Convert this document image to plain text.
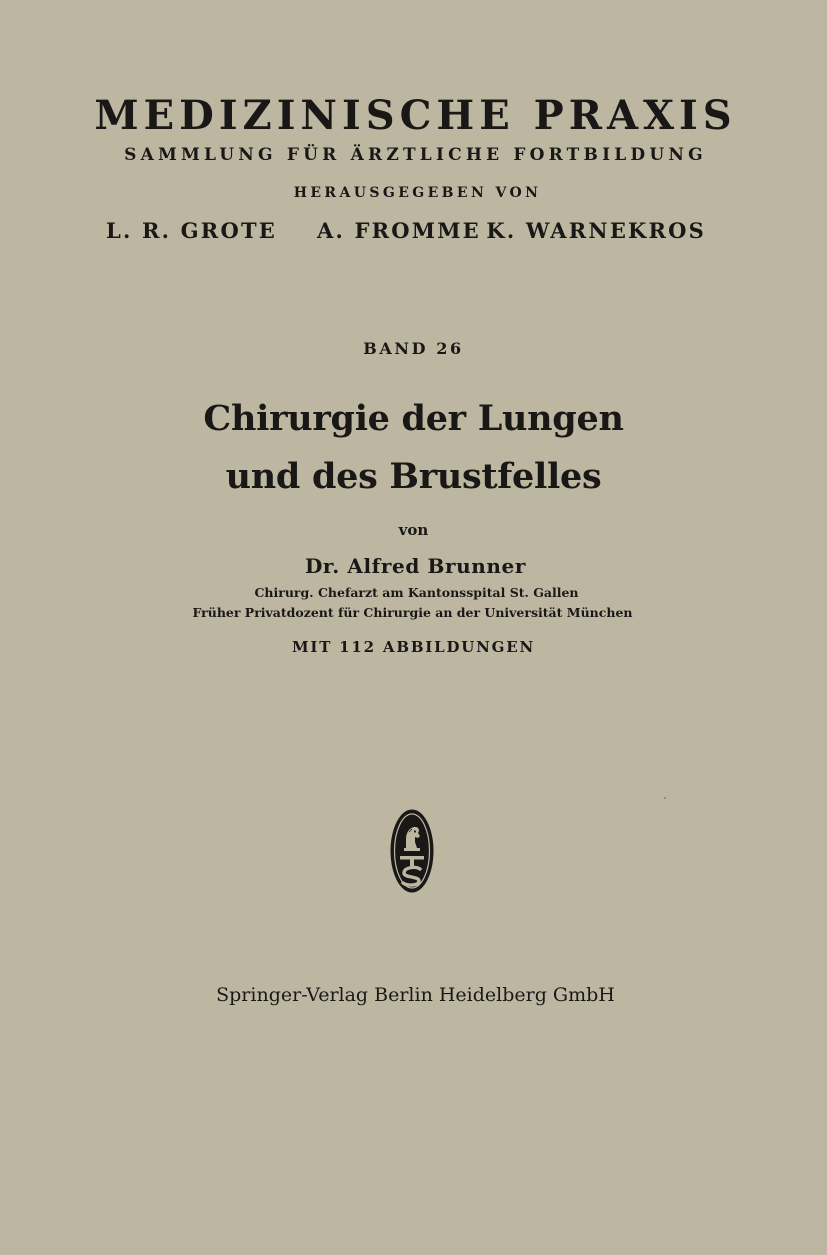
MEDIZINISCHE PRAXIS

SAMMLUNG FÜR ÄRZTLICHE FORTBILDUNG

HERAUSGEGEBEN VON

L. R. GROTE A. FROMME K. WARNEKROS

BAND 26

Chirurgie der Lungen
und des Brustfelles

von

Dr. Alfred Brunner

Chirurg. Chefarzt am Kantonsspital St. Gallen

Früher Privatdozent für Chirurgie an der Universität München

MIT 112 ABBILDUNGEN

Springer-Verlag Berlin Heidelberg GmbH
